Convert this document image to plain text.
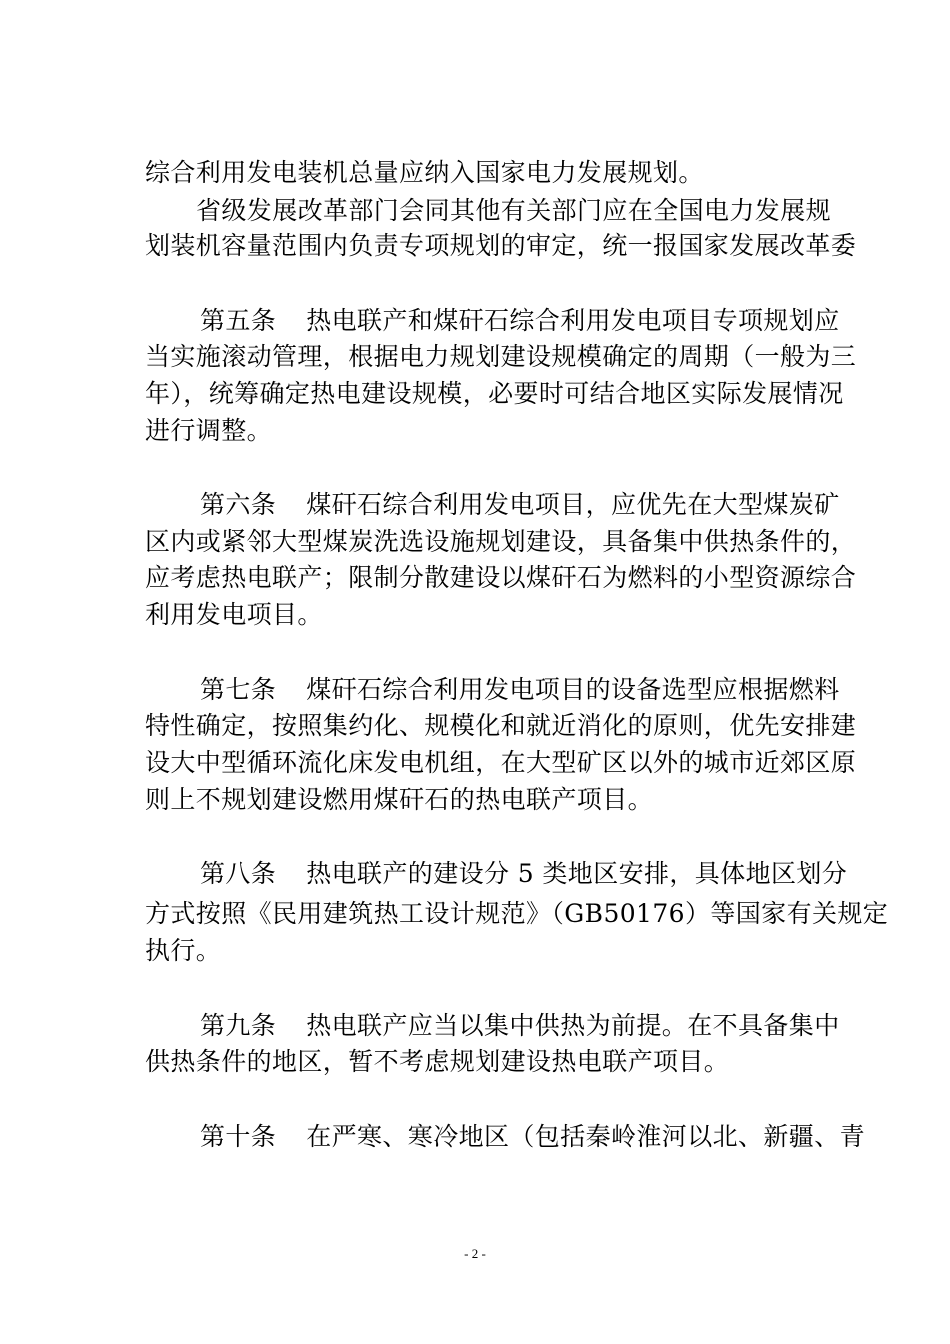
综合利用发电装机总量应纳入国家电力发展规划。
省级发展改革部门会同其他有关部门应在全国电力发展规
划装机容量范围内负责专项规划的审定，统一报国家发展改革委
第五条 热电联产和煤矸石综合利用发电项目专项规划应
当实施滚动管理，根据电力规划建设规模确定的周期（一般为三
年），统筹确定热电建设规模，必要时可结合地区实际发展情况
进行调整。
第六条 煤矸石综合利用发电项目，应优先在大型煤炭矿
区内或紧邻大型煤炭洗选设施规划建设，具备集中供热条件的，
应考虑热电联产；限制分散建设以煤矸石为燃料的小型资源综合
利用发电项目。
第七条 煤矸石综合利用发电项目的设备选型应根据燃料
特性确定，按照集约化、规模化和就近消化的原则，优先安排建
设大中型循环流化床发电机组，在大型矿区以外的城市近郊区原
则上不规划建设燃用煤矸石的热电联产项目。
第八条 热电联产的建设分 5 类地区安排，具体地区划分
方式按照《民用建筑热工设计规范》（GB50176）等国家有关规定
执行。
第九条 热电联产应当以集中供热为前提。在不具备集中
供热条件的地区，暂不考虑规划建设热电联产项目。
第十条 在严寒、寒冷地区（包括秦岭淮河以北、新疆、青
- 2 -
